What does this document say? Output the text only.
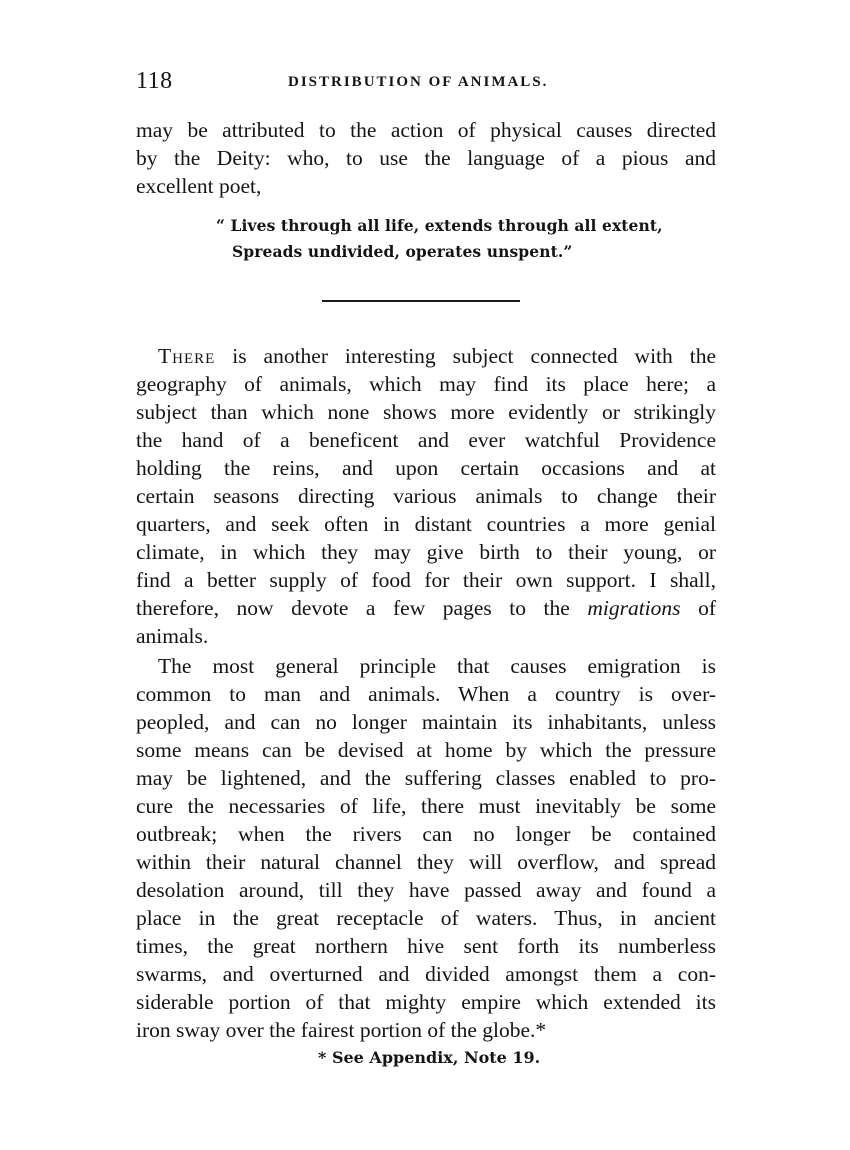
118	DISTRIBUTION OF ANIMALS.
may be attributed to the action of physical causes directed
by the Deity: who, to use the language of a pious and
excellent poet,
“ Lives through all life, extends through all extent,
Spreads undivided, operates unspent.”
There is another interesting subject connected with the
geography of animals, which may find its place here; a
subject than which none shows more evidently or strikingly
the hand of a beneficent and ever watchful Providence
holding the reins, and upon certain occasions and at
certain seasons directing various animals to change their
quarters, and seek often in distant countries a more genial
climate, in which they may give birth to their young, or
find a better supply of food for their own support. I shall,
therefore, now devote a few pages to the migrations of
animals.
The most general principle that causes emigration is
common to man and animals. When a country is over-
peopled, and can no longer maintain its inhabitants, unless
some means can be devised at home by which the pressure
may be lightened, and the suffering classes enabled to pro-
cure the necessaries of life, there must inevitably be some
outbreak; when the rivers can no longer be contained
within their natural channel they will overflow, and spread
desolation around, till they have passed away and found a
place in the great receptacle of waters. Thus, in ancient
times, the great northern hive sent forth its numberless
swarms, and overturned and divided amongst them a con-
siderable portion of that mighty empire which extended its
iron sway over the fairest portion of the globe.*
* See Appendix, Note 19.
